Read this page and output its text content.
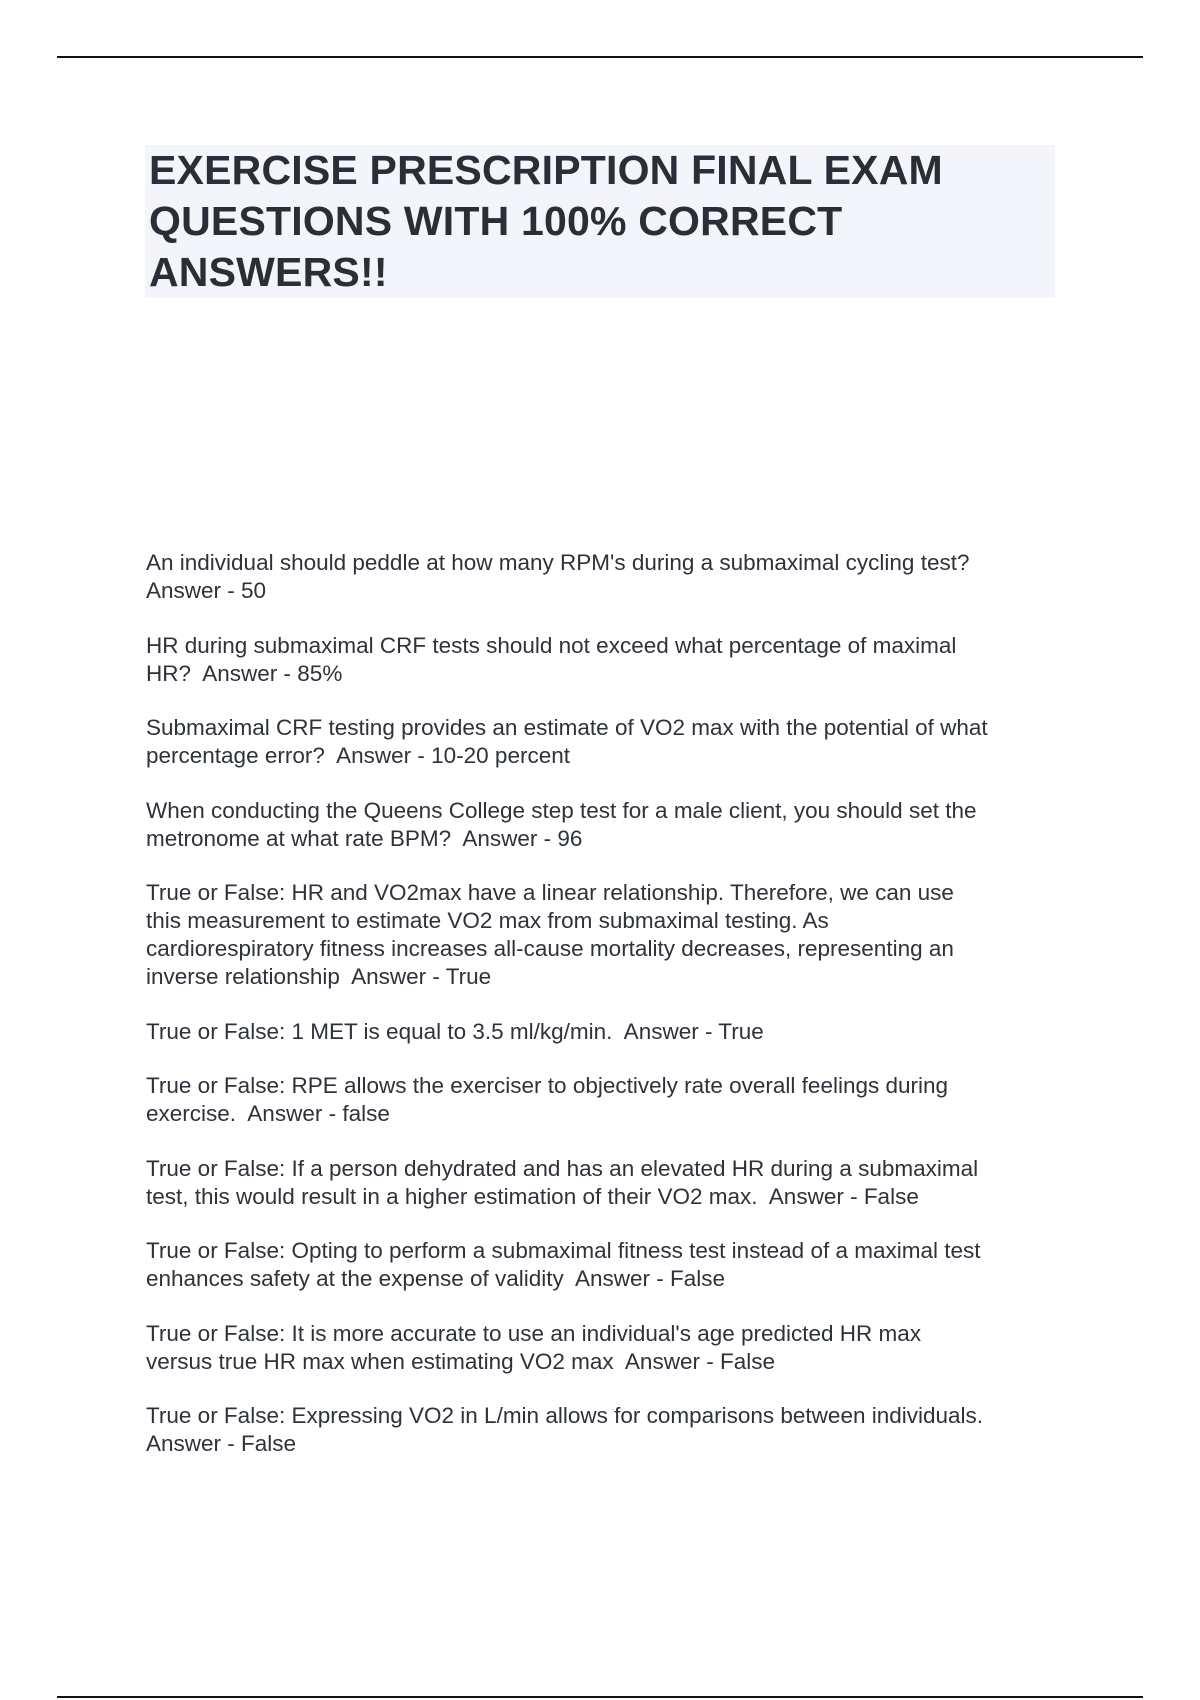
EXERCISE PRESCRIPTION FINAL EXAM QUESTIONS WITH 100% CORRECT ANSWERS!!

An individual should peddle at how many RPM's during a submaximal cycling test?
Answer - 50

HR during submaximal CRF tests should not exceed what percentage of maximal
HR?  Answer - 85%

Submaximal CRF testing provides an estimate of VO2 max with the potential of what
percentage error?  Answer - 10-20 percent

When conducting the Queens College step test for a male client, you should set the
metronome at what rate BPM?  Answer - 96

True or False: HR and VO2max have a linear relationship. Therefore, we can use
this measurement to estimate VO2 max from submaximal testing. As
cardiorespiratory fitness increases all-cause mortality decreases, representing an
inverse relationship  Answer - True

True or False: 1 MET is equal to 3.5 ml/kg/min.  Answer - True

True or False: RPE allows the exerciser to objectively rate overall feelings during
exercise.  Answer - false

True or False: If a person dehydrated and has an elevated HR during a submaximal
test, this would result in a higher estimation of their VO2 max.  Answer - False

True or False: Opting to perform a submaximal fitness test instead of a maximal test
enhances safety at the expense of validity  Answer - False

True or False: It is more accurate to use an individual's age predicted HR max
versus true HR max when estimating VO2 max  Answer - False

True or False: Expressing VO2 in L/min allows for comparisons between individuals.
Answer - False
